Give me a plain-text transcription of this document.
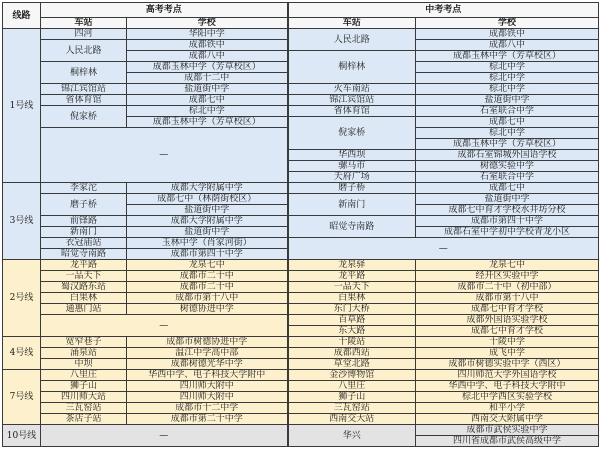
线路	高考考点		中考考点	
	车站	学校	车站	学校
1号线	四河	华阳中学	人民北路	成都铁中
	人民北路	成都铁中		成都八中
		成都八中	桐梓林	成都玉林中学（芳草校区）
	桐梓林	成都玉林中学（芳草校区）		棕北中学
		成都十二中		棕北中学
	锦江宾馆站	盐道街中学	火车南站	棕北中学
	省体育馆	成都七中	锦江宾馆站	盐道街中学
	倪家桥	棕北中学	省体育馆	石室联合中学
		成都玉林中学（芳草校区）	倪家桥	成都七中
	—			棕北中学
				成都玉林中学（芳草校区）
			华西坝	成都石室锦城外国语学校
			骡马市	树德实验中学
			天府广场	石室联合中学
3号线	李家沱	成都大学附属中学	磨子桥	成都七中
	磨子桥	成都七中（林荫街校区）	新南门	盐道街中学
		盐道街中学		成都七中育才学校水井坊分校
	前锋路	成都大学附属中学	昭觉寺南路	成都市第四十中学
	新南门	盐道街中学		成都石室中学初中学校青龙小区
	衣冠庙站	玉林中学（肖家河街）	—	
	昭觉寺南路	成都市第四十中学		
2号线	龙平路	龙泉七中	龙泉驿	龙泉七中
	一品天下	成都市二十中	龙平路	经开区实验中学
	蜀汉路东站	成都市二十中	一品天下	成都市二十中（初中部）
	白果林	成都市第十八中	白果林	成都市第十八中
	通惠门站	树德协进中学	东门大桥	成都七中育才学校
	—		百草路	成都外国语实验学校
			东大路	成都七中育才学校
4号线	宽窄巷子	成都市树德协进中学	十陵站	十陵中学
	涌泉站	温江中学高中部	成都西站	成飞中学
	中坝	成都树德光华中学	草堂北路	成都市树德实验中学（西区）
7号线	八里庄	华西中学、电子科技大学附中	金沙博物馆	四川师范大学外国语学校
	狮子山	四川师大附中	八里庄	华西中学、电子科技大学附中
	四川师大站	四川师大附中	狮子山	棕北中学西区实验学校
	三瓦窑站	成都市十二中学	三瓦窑站	和平小学
	茶店子站	成都市第二十中学	西南交大站	西南交大附属中学

10号线	—		华兴	成都市武侯实验中学
				四川省成都市武侯高级中学
